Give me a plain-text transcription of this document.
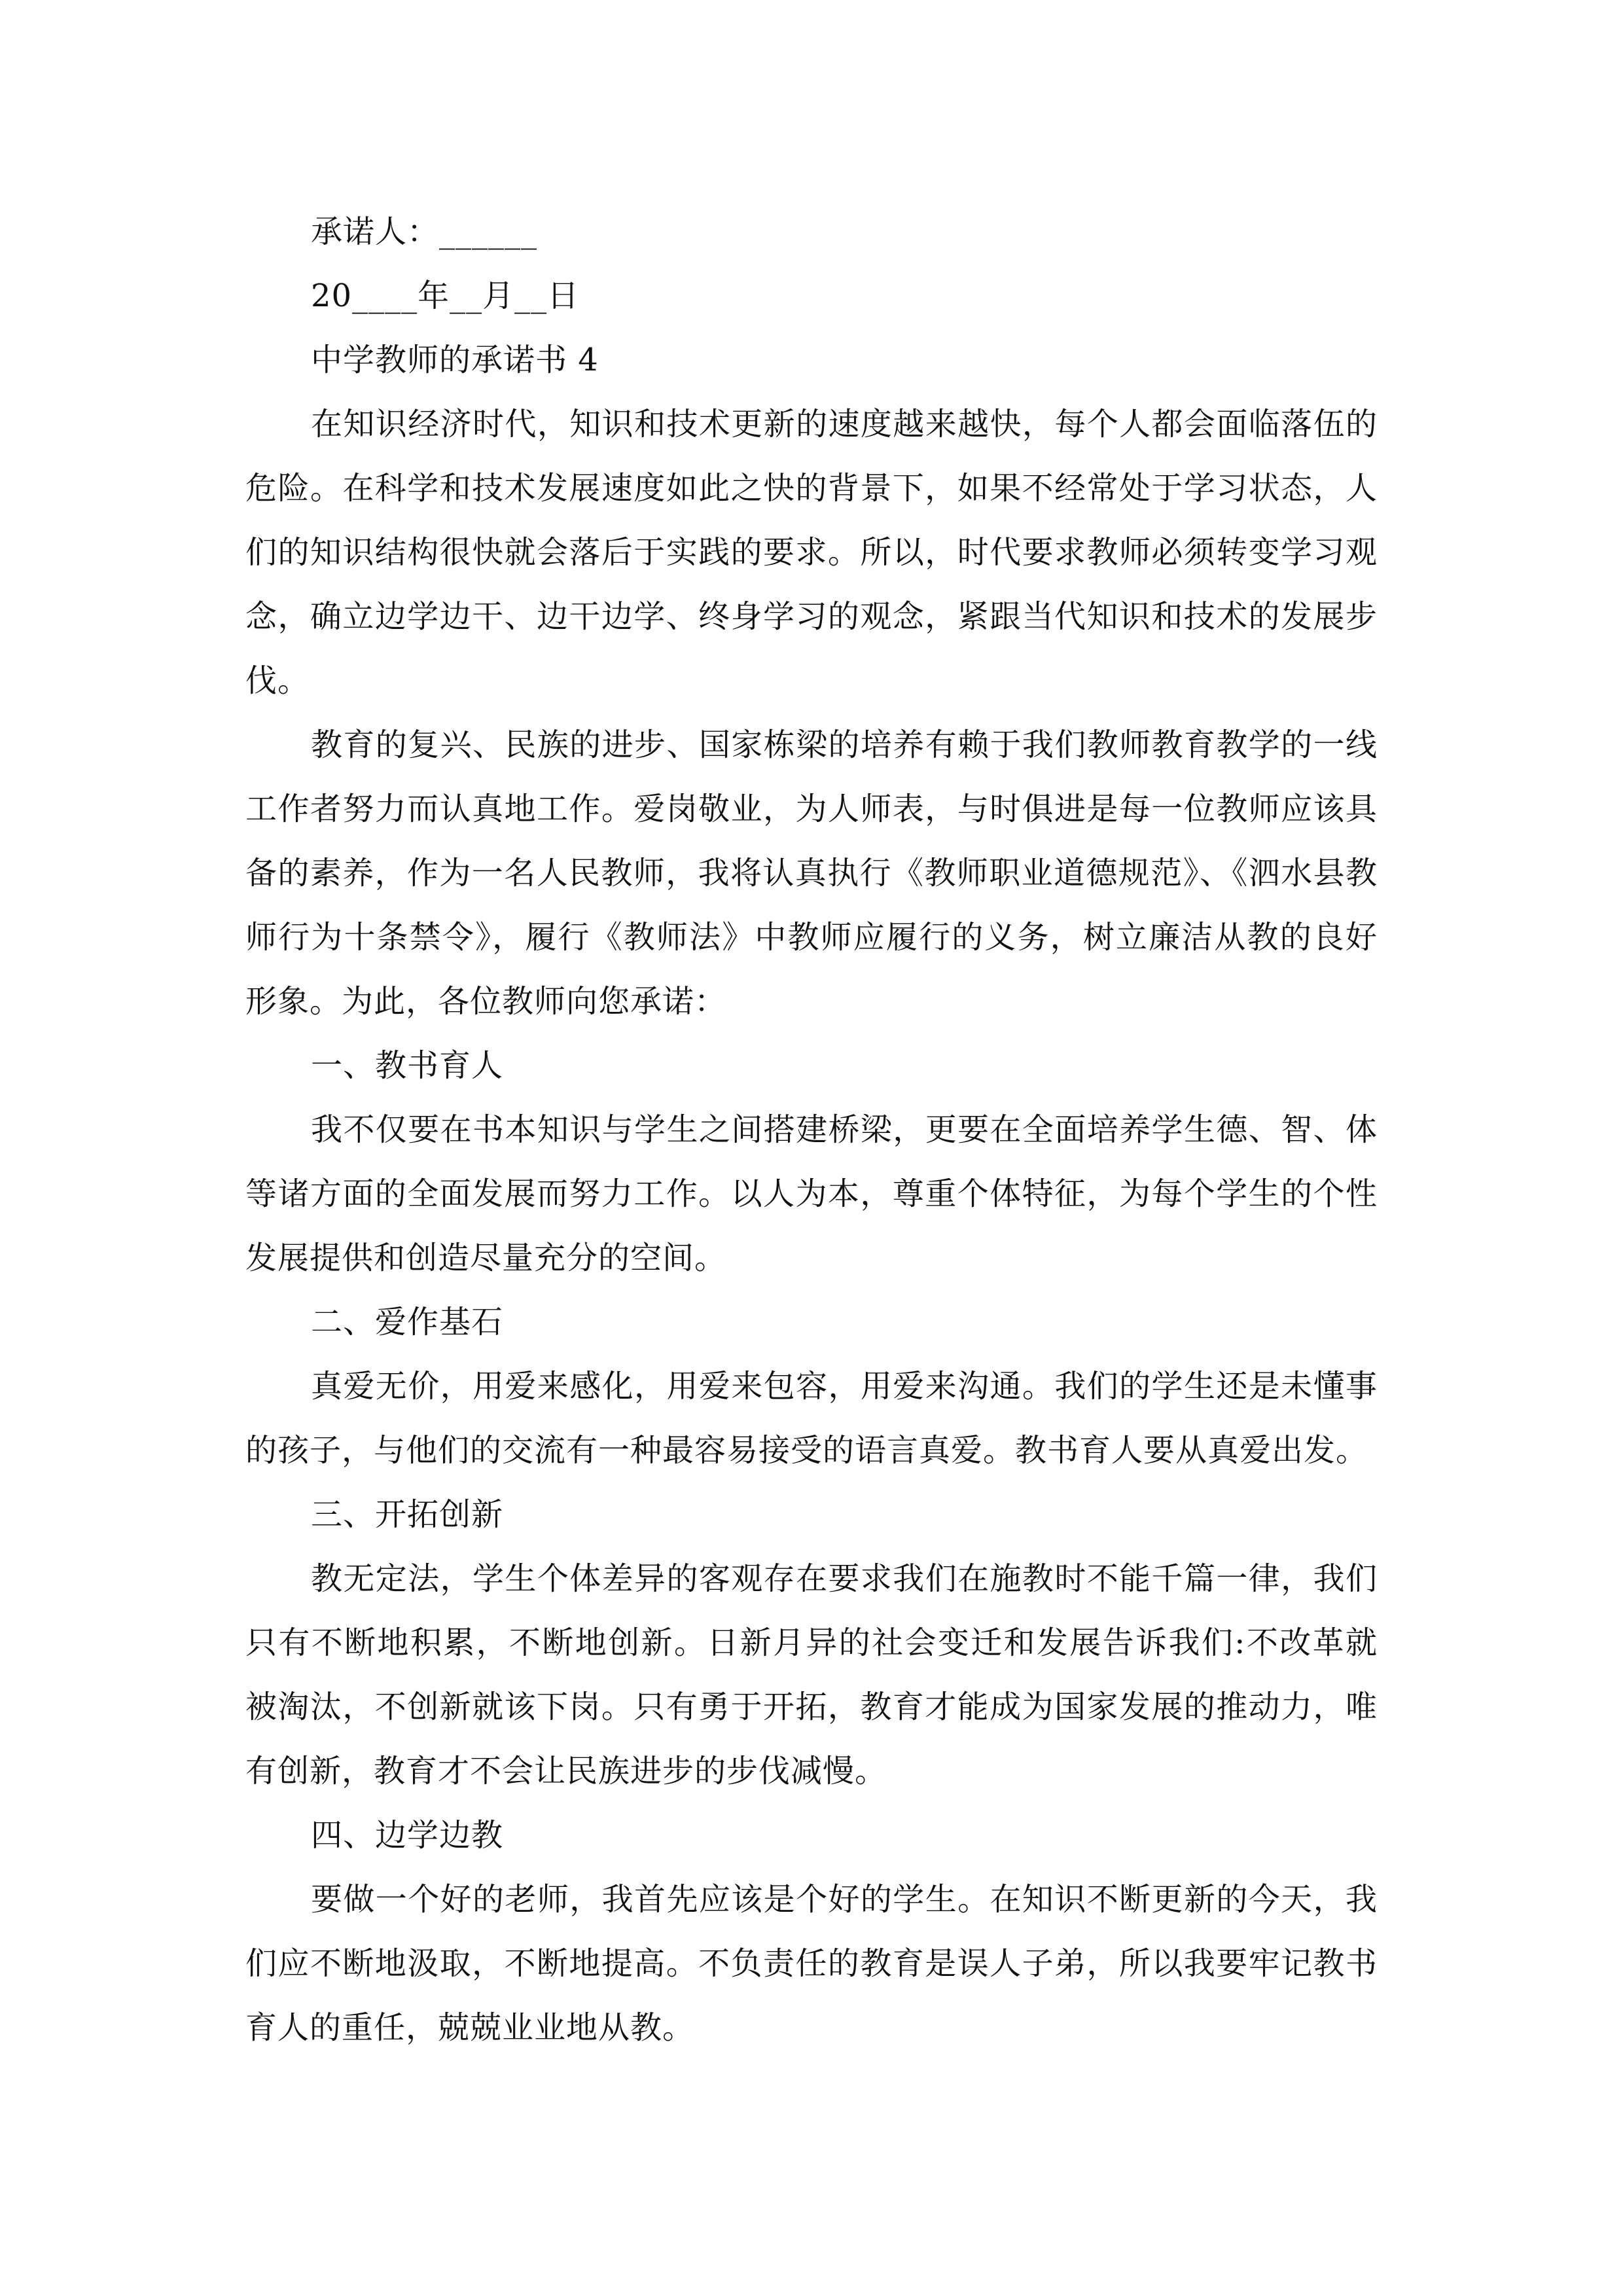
承诺人：______

20____年__月__日

中学教师的承诺书 4

在知识经济时代，知识和技术更新的速度越来越快，每个人都会面临落伍的危险。在科学和技术发展速度如此之快的背景下，如果不经常处于学习状态，人们的知识结构很快就会落后于实践的要求。所以，时代要求教师必须转变学习观念，确立边学边干、边干边学、终身学习的观念，紧跟当代知识和技术的发展步伐。

教育的复兴、民族的进步、国家栋梁的培养有赖于我们教师教育教学的一线工作者努力而认真地工作。爱岗敬业，为人师表，与时俱进是每一位教师应该具备的素养，作为一名人民教师，我将认真执行《教师职业道德规范》、《泗水县教师行为十条禁令》，履行《教师法》中教师应履行的义务，树立廉洁从教的良好形象。为此，各位教师向您承诺：

一、教书育人

我不仅要在书本知识与学生之间搭建桥梁，更要在全面培养学生德、智、体等诸方面的全面发展而努力工作。以人为本，尊重个体特征，为每个学生的个性发展提供和创造尽量充分的空间。

二、爱作基石

真爱无价，用爱来感化，用爱来包容，用爱来沟通。我们的学生还是未懂事的孩子，与他们的交流有一种最容易接受的语言真爱。教书育人要从真爱出发。

三、开拓创新

教无定法，学生个体差异的客观存在要求我们在施教时不能千篇一律，我们只有不断地积累，不断地创新。日新月异的社会变迁和发展告诉我们:不改革就被淘汰，不创新就该下岗。只有勇于开拓，教育才能成为国家发展的推动力，唯有创新，教育才不会让民族进步的步伐减慢。

四、边学边教

要做一个好的老师，我首先应该是个好的学生。在知识不断更新的今天，我们应不断地汲取，不断地提高。不负责任的教育是误人子弟，所以我要牢记教书育人的重任，兢兢业业地从教。
